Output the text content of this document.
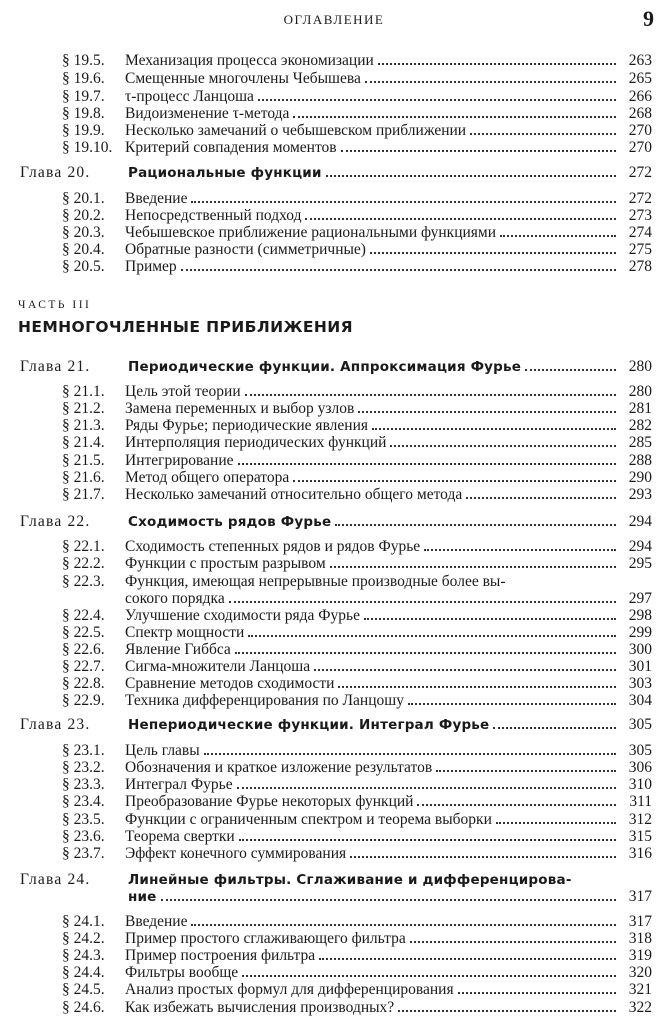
ОГЛАВЛЕНИЕ	9
§ 19.5.	Механизация процесса экономизации	263
§ 19.6.	Смещенные многочлены Чебышева	265
§ 19.7.	τ-процесс Ланцоша	266
§ 19.8.	Видоизменение τ-метода	268
§ 19.9.	Несколько замечаний о чебышевском приближении	270
§ 19.10. Критерий совпадения моментов	270
Глава 20.	Рациональные функции	272
§ 20.1.	Введение	272
§ 20.2.	Непосредственный подход	273
§ 20.3.	Чебышевское приближение рациональными функциями	274
§ 20.4.	Обратные разности (симметричные)	275
§ 20.5.	Пример	278
ЧАСТЬ III
НЕМНОГОЧЛЕННЫЕ ПРИБЛИЖЕНИЯ
Глава 21.	Периодические функции. Аппроксимация Фурье	280
§ 21.1.	Цель этой теории	280
§ 21.2.	Замена переменных и выбор узлов	281
§ 21.3.	Ряды Фурье; периодические явления	282
§ 21.4.	Интерполяция периодических функций	285
§ 21.5.	Интегрирование	288
§ 21.6.	Метод общего оператора	290
§ 21.7.	Несколько замечаний относительно общего метода	293
Глава 22.	Сходимость рядов Фурье	294
§ 22.1.	Сходимость степенных рядов и рядов Фурье	294
§ 22.2.	Функции с простым разрывом	295
§ 22.3.	Функция, имеющая непрерывные производные более вы-
сокого порядка	297
§ 22.4.	Улучшение сходимости ряда Фурье	298
§ 22.5.	Спектр мощности	299
§ 22.6.	Явление Гиббса	300
§ 22.7.	Сигма-множители Ланцоша	301
§ 22.8.	Сравнение методов сходимости	303
§ 22.9.	Техника дифференцирования по Ланцошу	304
Глава 23.	Непериодические функции. Интеграл Фурье	305
§ 23.1.	Цель главы	305
§ 23.2.	Обозначения и краткое изложение результатов	306
§ 23.3.	Интеграл Фурье	310
§ 23.4.	Преобразование Фурье некоторых функций	311
§ 23.5.	Функции с ограниченным спектром и теорема выборки	312
§ 23.6.	Теорема свертки	315
§ 23.7.	Эффект конечного суммирования	316
Глава 24.	Линейные фильтры. Сглаживание и дифференцирова-
ние	317
§ 24.1.	Введение	317
§ 24.2.	Пример простого сглаживающего фильтра	318
§ 24.3.	Пример построения фильтра	319
§ 24.4.	Фильтры вообще	320
§ 24.5.	Анализ простых формул для дифференцирования	321
§ 24.6.	Как избежать вычисления производных?	322
